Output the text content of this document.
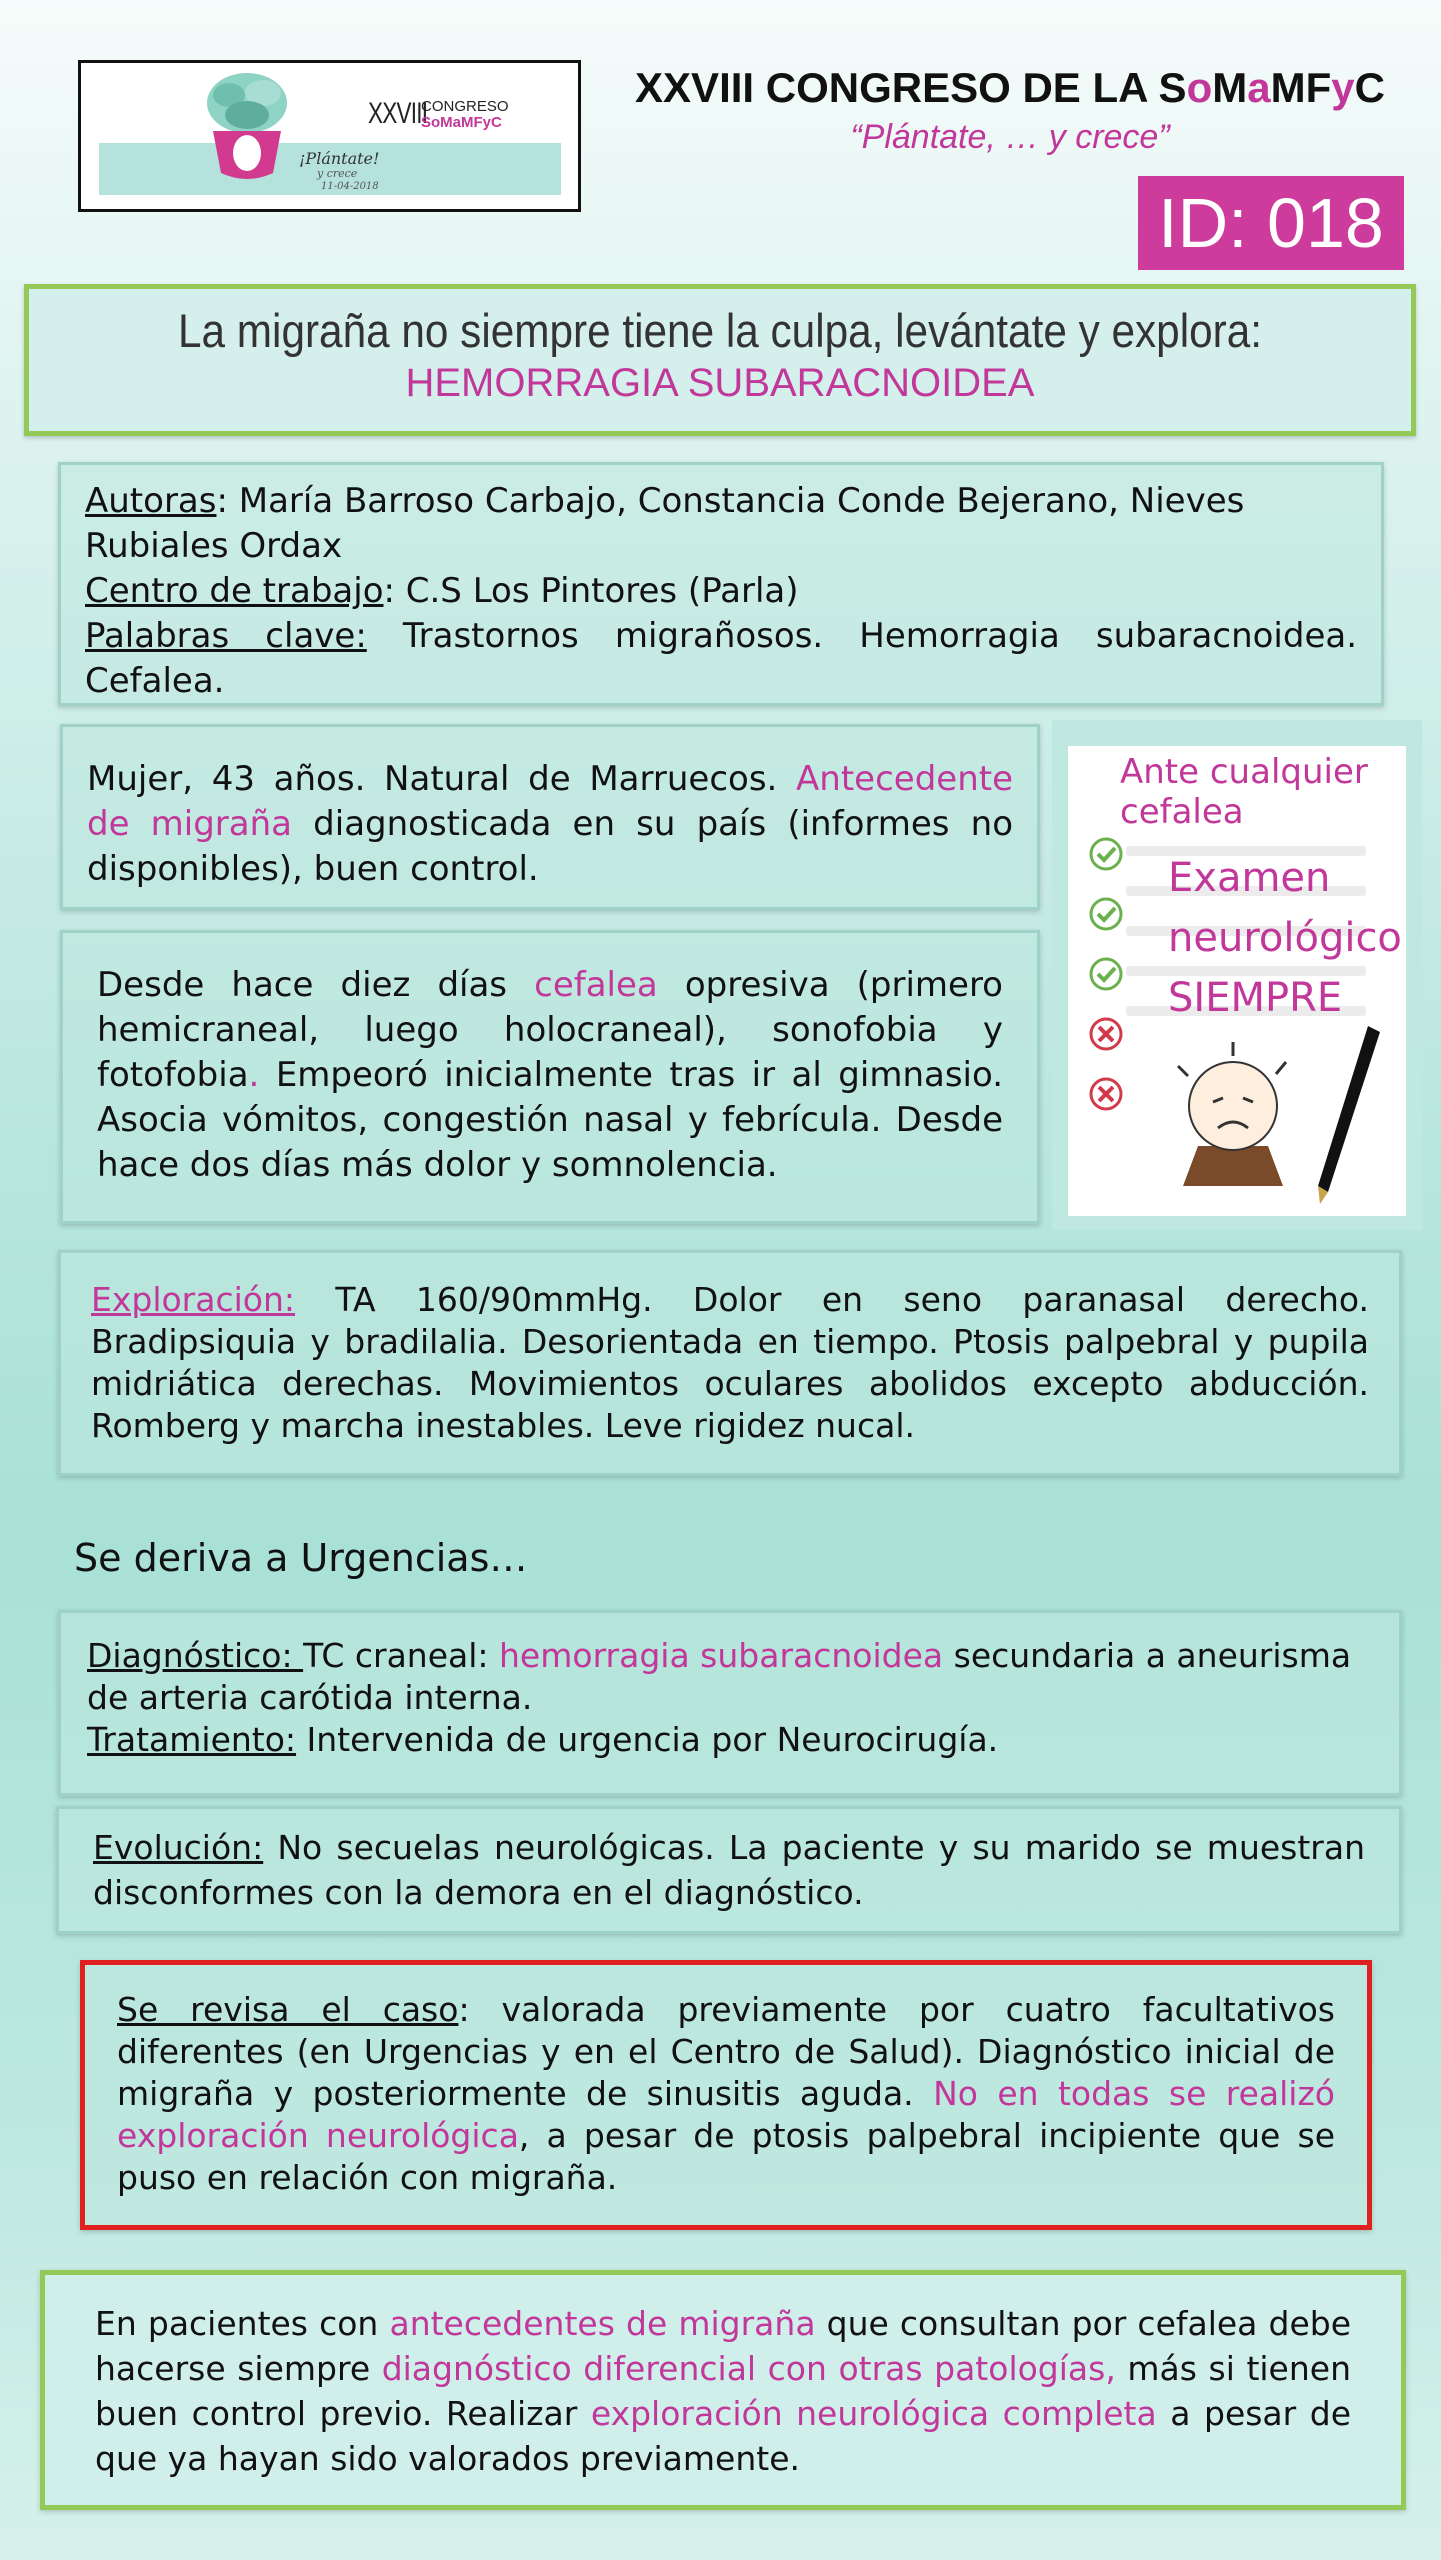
XXVIII
CONGRESO
SoMaMFyC
¡Plántate!
y crece
11-04-2018
XXVIII CONGRESO DE LA SoMaMFyC
“Plántate, … y crece”
ID: 018
La migraña no siempre tiene la culpa, levántate y explora:
HEMORRAGIA SUBARACNOIDEA
Autoras: María Barroso Carbajo, Constancia Conde Bejerano, Nieves Rubiales Ordax
Centro de trabajo: C.S Los Pintores (Parla)
Palabras clave: Trastornos migrañosos. Hemorragia subaracnoidea. Cefalea.
Mujer, 43 años. Natural de Marruecos. Antecedente de migraña diagnosticada en su país (informes no disponibles), buen control.
Desde hace diez días cefalea opresiva (primero hemicraneal, luego holocraneal), sonofobia y fotofobia. Empeoró inicialmente tras ir al gimnasio. Asocia vómitos, congestión nasal y febrícula. Desde hace dos días más dolor y somnolencia.
Ante cualquier cefalea
Examen
neurológico
SIEMPRE
Exploración: TA 160/90mmHg. Dolor en seno paranasal derecho. Bradipsiquia y bradilalia. Desorientada en tiempo. Ptosis palpebral y pupila midriática derechas. Movimientos oculares abolidos excepto abducción. Romberg y marcha inestables. Leve rigidez nucal.
Se deriva a Urgencias…
Diagnóstico: TC craneal: hemorragia subaracnoidea secundaria a aneurisma de arteria carótida interna.
Tratamiento: Intervenida de urgencia por Neurocirugía.
Evolución: No secuelas neurológicas. La paciente y su marido se muestran disconformes con la demora en el diagnóstico.
Se revisa el caso: valorada previamente por cuatro facultativos diferentes (en Urgencias y en el Centro de Salud). Diagnóstico inicial de migraña y posteriormente de sinusitis aguda. No en todas se realizó exploración neurológica, a pesar de ptosis palpebral incipiente que se puso en relación con migraña.
En pacientes con antecedentes de migraña que consultan por cefalea debe hacerse siempre diagnóstico diferencial con otras patologías, más si tienen buen control previo. Realizar exploración neurológica completa a pesar de que ya hayan sido valorados previamente.
